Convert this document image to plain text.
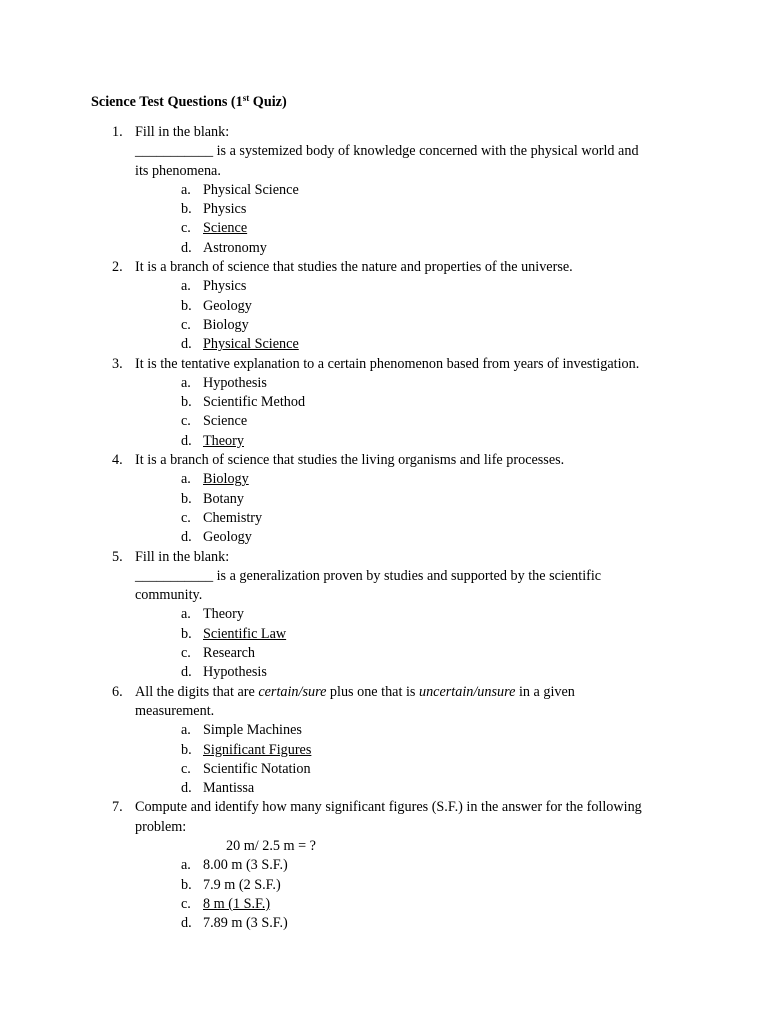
Science Test Questions (1st Quiz)
1. Fill in the blank:
___________ is a systemized body of knowledge concerned with the physical world and
its phenomena.
a. Physical Science
b. Physics
c. Science
d. Astronomy
2. It is a branch of science that studies the nature and properties of the universe.
a. Physics
b. Geology
c. Biology
d. Physical Science
3. It is the tentative explanation to a certain phenomenon based from years of investigation.
a. Hypothesis
b. Scientific Method
c. Science
d. Theory
4. It is a branch of science that studies the living organisms and life processes.
a. Biology
b. Botany
c. Chemistry
d. Geology
5. Fill in the blank:
___________ is a generalization proven by studies and supported by the scientific
community.
a. Theory
b. Scientific Law
c. Research
d. Hypothesis
6. All the digits that are certain/sure plus one that is uncertain/unsure in a given
measurement.
a. Simple Machines
b. Significant Figures
c. Scientific Notation
d. Mantissa
7. Compute and identify how many significant figures (S.F.) in the answer for the following
problem:
20 m/ 2.5 m = ?
a. 8.00 m (3 S.F.)
b. 7.9 m (2 S.F.)
c. 8 m (1 S.F.)
d. 7.89 m (3 S.F.)
